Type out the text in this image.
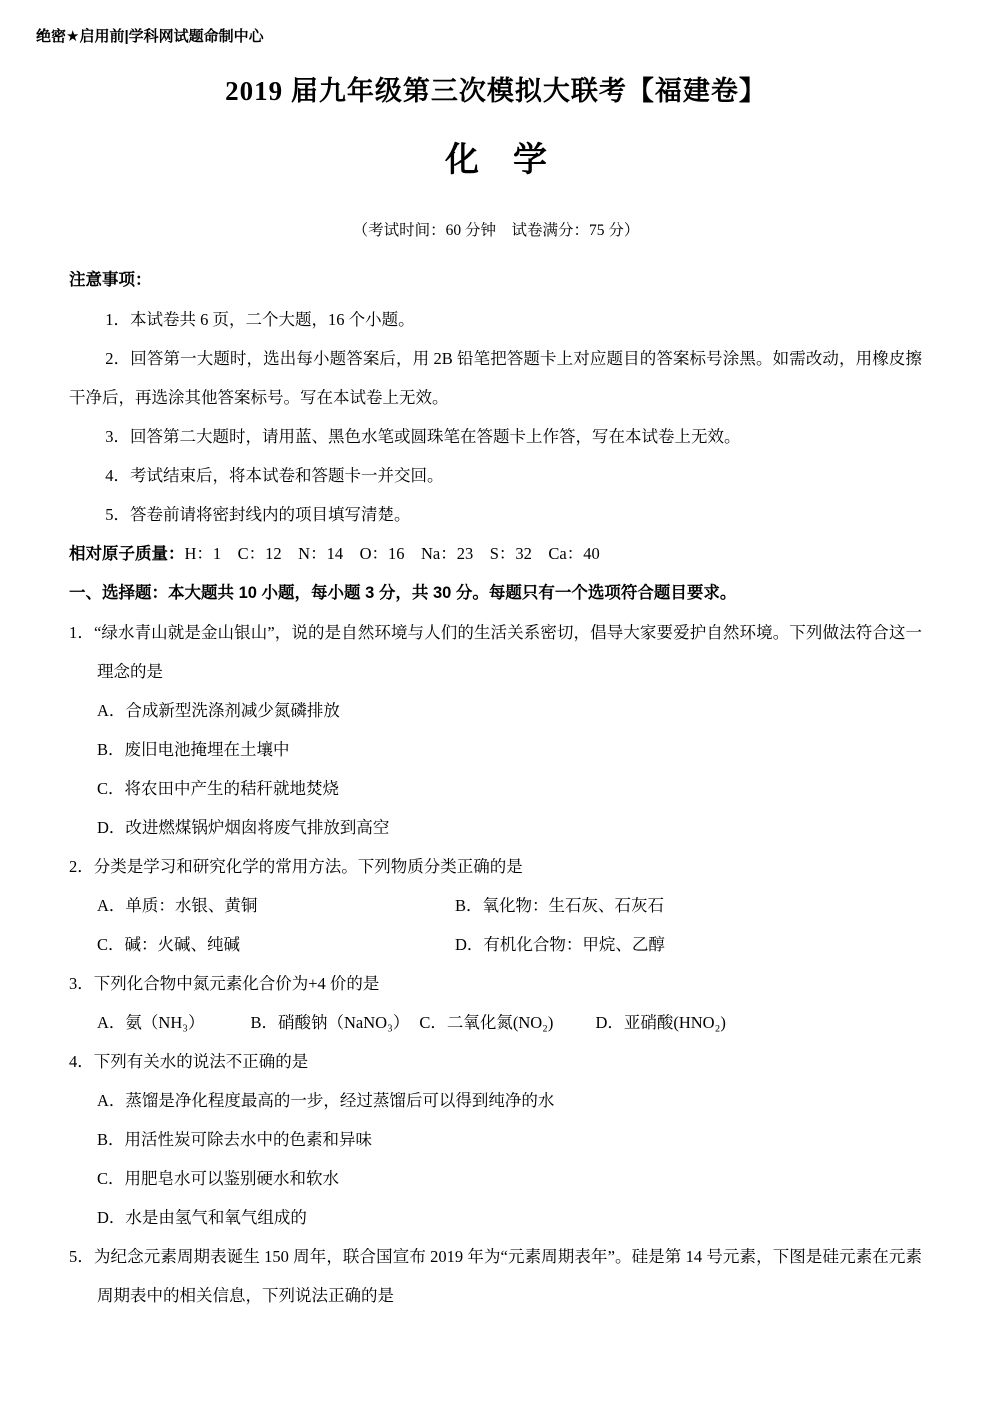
绝密★启用前|学科网试题命制中心
2019 届九年级第三次模拟大联考【福建卷】
化　学
（考试时间：60 分钟　试卷满分：75 分）
注意事项：

1．本试卷共 6 页，二个大题，16 个小题。

2．回答第一大题时，选出每小题答案后，用 2B 铅笔把答题卡上对应题目的答案标号涂黑。如需改动，用橡皮擦干净后，再选涂其他答案标号。写在本试卷上无效。

3．回答第二大题时，请用蓝、黑色水笔或圆珠笔在答题卡上作答，写在本试卷上无效。

4．考试结束后，将本试卷和答题卡一并交回。

5．答卷前请将密封线内的项目填写清楚。

相对原子质量：H：1　C：12　N：14　O：16　Na：23　S：32　Ca：40
一、选择题：本大题共 10 小题，每小题 3 分，共 30 分。每题只有一个选项符合题目要求。

1．“绿水青山就是金山银山”，说的是自然环境与人们的生活关系密切，倡导大家要爱护自然环境。下列做法符合这一理念的是

A．合成新型洗涤剂减少氮磷排放
B．废旧电池掩埋在土壤中
C．将农田中产生的秸秆就地焚烧
D．改进燃煤锅炉烟囱将废气排放到高空

2．分类是学习和研究化学的常用方法。下列物质分类正确的是

A．单质：水银、黄铜	B．氧化物：生石灰、石灰石
C．碱：火碱、纯碱	D．有机化合物：甲烷、乙醇

3．下列化合物中氮元素化合价为+4 价的是

A．氨（NH₃）	B．硝酸钠（NaNO₃） C．二氧化氮(NO₂)	D．亚硝酸(HNO₂)

4．下列有关水的说法不正确的是

A．蒸馏是净化程度最高的一步，经过蒸馏后可以得到纯净的水
B．用活性炭可除去水中的色素和异味
C．用肥皂水可以鉴别硬水和软水
D．水是由氢气和氧气组成的

5．为纪念元素周期表诞生 150 周年，联合国宣布 2019 年为“元素周期表年”。硅是第 14 号元素，下图是硅元素在元素周期表中的相关信息，下列说法正确的是
